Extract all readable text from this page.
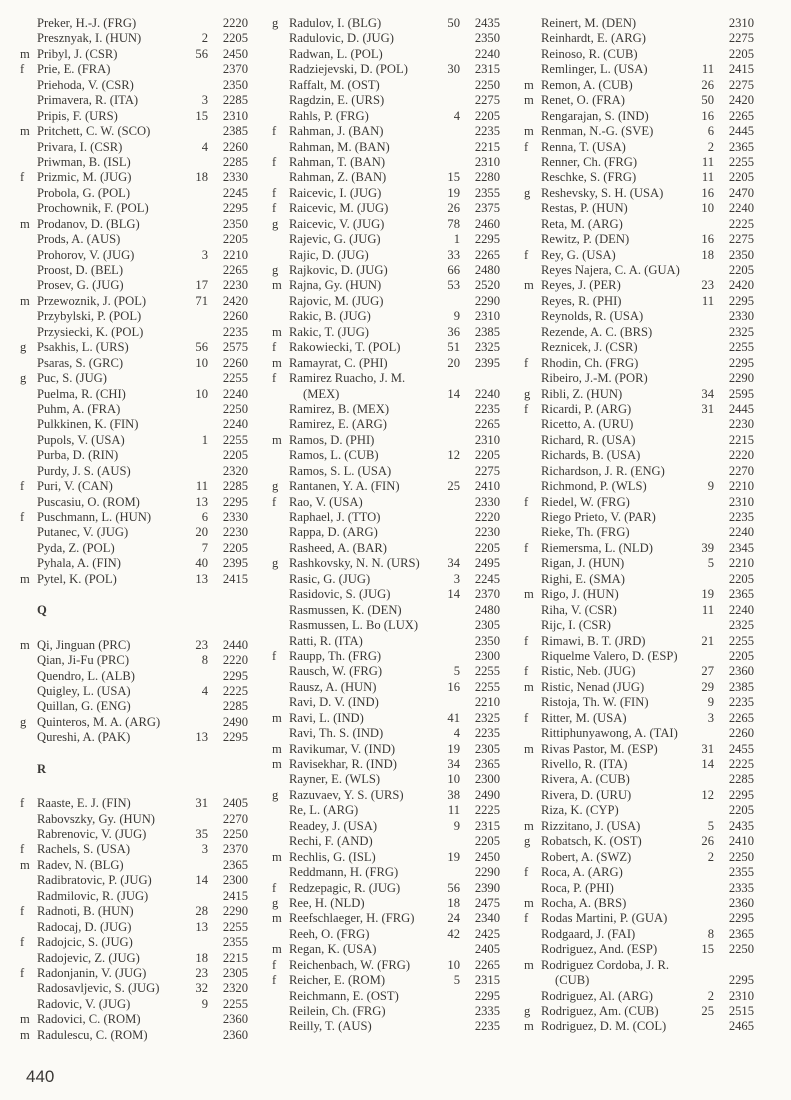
Preker, H.-J. (FRG)	2220
Presznyak, I. (HUN)	2	2205
m Pribyl, J. (CSR)	56	2450
f	Prie, E. (FRA)	2370
Priehoda, V. (CSR)	2350
Primavera, R. (ITA)	3	2285
Pripis, F. (URS)	15	2310
m Pritchett, C. W. (SCO)	2385
Privara, I. (CSR)	4	2260
Priwman, B. (ISL)	2285
f	Prizmic, M. (JUG)	18	2330
Probola, G. (POL)	2245
Prochownik, F. (POL)	2295
m Prodanov, D. (BLG)	2350
Prods, A. (AUS)	2205
Prohorov, V. (JUG)	3	2210
Proost, D. (BEL)	2265
Prosev, G. (JUG)	17	2230
m Przewoznik, J. (POL)	71	2420
Przybylski, P. (POL)	2260
Przysiecki, K. (POL)	2235
g Psakhis, L. (URS)	56	2575
Psaras, S. (GRC)	10	2260
g Puc, S. (JUG)	2255
Puelma, R. (CHI)	10	2240
Puhm, A. (FRA)	2250
Pulkkinen, K. (FIN)	2240
Pupols, V. (USA)	1	2255
Purba, D. (RIN)	2205
Purdy, J. S. (AUS)	2320
f	Puri, V. (CAN)	11	2285
Puscasiu, O. (ROM)	13	2295
f	Puschmann, L. (HUN)	6	2330
Putanec, V. (JUG)	20	2230
Pyda, Z. (POL)	7	2205
Pyhala, A. (FIN)	40	2395
m Pytel, K. (POL)	13	2415
Q
m Qi, Jinguan (PRC)	23	2440
Qian, Ji-Fu (PRC)	8	2220
Quendro, L. (ALB)	2295
Quigley, L. (USA)	4	2225
Quillan, G. (ENG)	2285
g Quinteros, M. A. (ARG)	2490
Qureshi, A. (PAK)	13	2295
R
f	Raaste, E. J. (FIN)	31	2405
Rabovszky, Gy. (HUN)	2270
Rabrenovic, V. (JUG)	35	2250
f	Rachels, S. (USA)	3	2370
m Radev, N. (BLG)	2365
Radibratovic, P. (JUG)	14	2300
Radmilovic, R. (JUG)	2415
f	Radnoti, B. (HUN)	28	2290
Radocaj, D. (JUG)	13	2255
f	Radojcic, S. (JUG)	2355
Radojevic, Z. (JUG)	18	2215
f	Radonjanin, V. (JUG)	23	2305
Radosavljevic, S. (JUG)	32	2320
Radovic, V. (JUG)	9	2255
m Radovici, C. (ROM)	2360
m Radulescu, C. (ROM)	2360
g Radulov, I. (BLG)	50	2435
Radulovic, D. (JUG)	2350
Radwan, L. (POL)	2240
Radziejevski, D. (POL)	30	2315
Raffalt, M. (OST)	2250
Ragdzin, E. (URS)	2275
Rahls, P. (FRG)	4	2205
f	Rahman, J. (BAN)	2235
Rahman, M. (BAN)	2215
f	Rahman, T. (BAN)	2310
Rahman, Z. (BAN)	15	2280
f	Raicevic, I. (JUG)	19	2355
f	Raicevic, M. (JUG)	26	2375
g Raicevic, V. (JUG)	78	2460
Rajevic, G. (JUG)	1	2295
Rajic, D. (JUG)	33	2265
g Rajkovic, D. (JUG)	66	2480
m Rajna, Gy. (HUN)	53	2520
Rajovic, M. (JUG)	2290
Rakic, B. (JUG)	9	2310
m Rakic, T. (JUG)	36	2385
f	Rakowiecki, T. (POL)	51	2325
m Ramayrat, C. (PHI)	20	2395
f	Ramirez Ruacho, J. M.
(MEX)	14	2240
Ramirez, B. (MEX)	2235
Ramirez, E. (ARG)	2265
m Ramos, D. (PHI)	2310
Ramos, L. (CUB)	12	2205
Ramos, S. L. (USA)	2275
g Rantanen, Y. A. (FIN)	25	2410
f	Rao, V. (USA)	2330
Raphael, J. (TTO)	2220
Rappa, D. (ARG)	2230
Rasheed, A. (BAR)	2205
g Rashkovsky, N. N. (URS)	34	2495
Rasic, G. (JUG)	3	2245
Rasidovic, S. (JUG)	14	2370
Rasmussen, K. (DEN)	2480
Rasmussen, L. Bo (LUX)	2305
Ratti, R. (ITA)	2350
f	Raupp, Th. (FRG)	2300
Rausch, W. (FRG)	5	2255
Rausz, A. (HUN)	16	2255
Ravi, D. V. (IND)	2210
m Ravi, L. (IND)	41	2325
Ravi, Th. S. (IND)	4	2235
m Ravikumar, V. (IND)	19	2305
m Ravisekhar, R. (IND)	34	2365
Rayner, E. (WLS)	10	2300
g Razuvaev, Y. S. (URS)	38	2490
Re, L. (ARG)	11	2225
Readey, J. (USA)	9	2315
Rechi, F. (AND)	2205
m Rechlis, G. (ISL)	19	2450
Reddmann, H. (FRG)	2290
f	Redzepagic, R. (JUG)	56	2390
g Ree, H. (NLD)	18	2475
m Reefschlaeger, H. (FRG)	24	2340
Reeh, O. (FRG)	42	2425
m Regan, K. (USA)	2405
f	Reichenbach, W. (FRG)	10	2265
f	Reicher, E. (ROM)	5	2315
Reichmann, E. (OST)	2295
Reilein, Ch. (FRG)	2335
Reilly, T. (AUS)	2235
Reinert, M. (DEN)	2310
Reinhardt, E. (ARG)	2275
Reinoso, R. (CUB)	2205
Remlinger, L. (USA)	11	2415
m Remon, A. (CUB)	26	2275
m Renet, O. (FRA)	50	2420
Rengarajan, S. (IND)	16	2265
m Renman, N.-G. (SVE)	6	2445
f	Renna, T. (USA)	2	2365
Renner, Ch. (FRG)	11	2255
Reschke, S. (FRG)	11	2205
g Reshevsky, S. H. (USA)	16	2470
Restas, P. (HUN)	10	2240
Reta, M. (ARG)	2225
Rewitz, P. (DEN)	16	2275
f	Rey, G. (USA)	18	2350
Reyes Najera, C. A. (GUA)	2205
m Reyes, J. (PER)	23	2420
Reyes, R. (PHI)	11	2295
Reynolds, R. (USA)	2330
Rezende, A. C. (BRS)	2325
Reznicek, J. (CSR)	2255
f	Rhodin, Ch. (FRG)	2295
Ribeiro, J.-M. (POR)	2290
g Ribli, Z. (HUN)	34	2595
f	Ricardi, P. (ARG)	31	2445
Ricetto, A. (URU)	2230
Richard, R. (USA)	2215
Richards, B. (USA)	2220
Richardson, J. R. (ENG)	2270
Richmond, P. (WLS)	9	2210
f	Riedel, W. (FRG)	2310
Riego Prieto, V. (PAR)	2235
Rieke, Th. (FRG)	2240
f	Riemersma, L. (NLD)	39	2345
Rigan, J. (HUN)	5	2210
Righi, E. (SMA)	2205
m Rigo, J. (HUN)	19	2365
Riha, V. (CSR)	11	2240
Rijc, I. (CSR)	2325
f	Rimawi, B. T. (JRD)	21	2255
Riquelme Valero, D. (ESP)	2205
f	Ristic, Neb. (JUG)	27	2360
m Ristic, Nenad (JUG)	29	2385
Ristoja, Th. W. (FIN)	9	2235
f	Ritter, M. (USA)	3	2265
Rittiphunyawong, A. (TAI)	2260
m Rivas Pastor, M. (ESP)	31	2455
Rivello, R. (ITA)	14	2225
Rivera, A. (CUB)	2285
Rivera, D. (URU)	12	2295
Riza, K. (CYP)	2205
m Rizzitano, J. (USA)	5	2435
g Robatsch, K. (OST)	26	2410
Robert, A. (SWZ)	2	2250
f	Roca, A. (ARG)	2355
Roca, P. (PHI)	2335
m Rocha, A. (BRS)	2360
f	Rodas Martini, P. (GUA)	2295
Rodgaard, J. (FAI)	8	2365
Rodriguez, And. (ESP)	15	2250
m Rodriguez Cordoba, J. R.
(CUB)	2295
Rodriguez, Al. (ARG)	2	2310
g Rodriguez, Am. (CUB)	25	2515
m Rodriguez, D. M. (COL)	2465
440
